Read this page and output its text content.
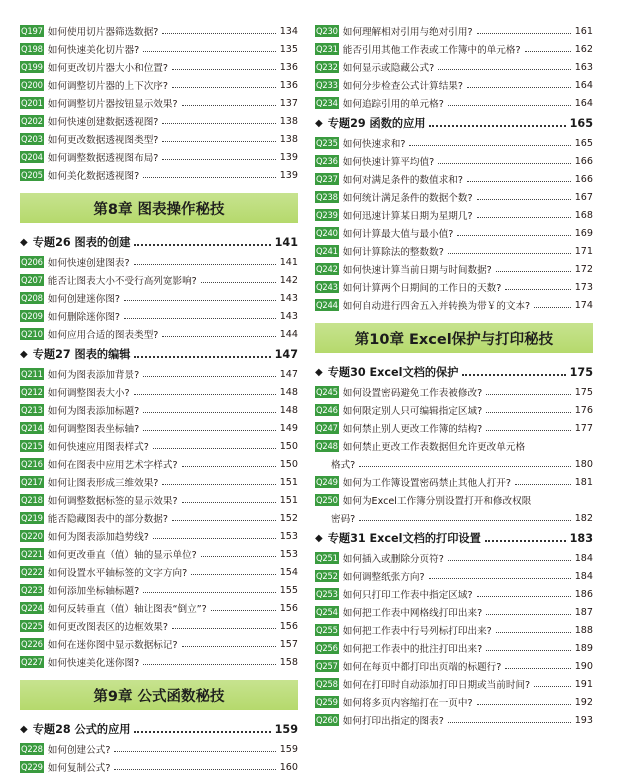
Q197 如何使用切片器筛选数据?	134
Q198 如何快速美化切片器?	135
Q199 如何更改切片器大小和位置?	136
Q200 如何调整切片器的上下次序?	136
Q201 如何调整切片器按钮显示效果?	137
Q202 如何快速创建数据透视图?	138
Q203 如何更改数据透视图类型?	138
Q204 如何调整数据透视图布局?	139
Q205 如何美化数据透视图?	139
第8章 图表操作秘技
◆ 专题26 图表的创建	141
Q206 如何快速创建图表?	141
Q207 能否让图表大小不受行高列宽影响?	142
Q208 如何创建迷你图?	143
Q209 如何删除迷你图?	143
Q210 如何应用合适的图表类型?	144
◆ 专题27 图表的编辑	147
Q211 如何为图表添加背景?	147
Q212 如何调整图表大小?	148
Q213 如何为图表添加标题?	148
Q214 如何调整图表坐标轴?	149
Q215 如何快速应用图表样式?	150
Q216 如何在图表中应用艺术字样式?	150
Q217 如何让图表形成三维效果?	151
Q218 如何调整数据标签的显示效果?	151
Q219 能否隐藏图表中的部分数据?	152
Q220 如何为图表添加趋势线?	153
Q221 如何更改垂直（值）轴的显示单位?	153
Q222 如何设置水平轴标签的文字方向?	154
Q223 如何添加坐标轴标题?	155
Q224 如何反转垂直（值）轴让图表“倒立”?	156
Q225 如何更改图表区的边框效果?	156
Q226 如何在迷你图中显示数据标记?	157
Q227 如何快速美化迷你图?	158
第9章 公式函数秘技
◆ 专题28 公式的应用	159
Q228 如何创建公式?	159
Q229 如何复制公式?	160
Q230 如何理解相对引用与绝对引用?	161
Q231 能否引用其他工作表或工作簿中的单元格?	162
Q232 如何显示或隐藏公式?	163
Q233 如何分步检查公式计算结果?	164
Q234 如何追踪引用的单元格?	164
◆ 专题29 函数的应用	165
Q235 如何快速求和?	165
Q236 如何快速计算平均值?	166
Q237 如何对满足条件的数值求和?	166
Q238 如何统计满足条件的数据个数?	167
Q239 如何迅速计算某日期为星期几?	168
Q240 如何计算最大值与最小值?	169
Q241 如何计算除法的整数数?	171
Q242 如何快速计算当前日期与时间数据?	172
Q243 如何计算两个日期间的工作日的天数?	173
Q244 如何自动进行四舍五入并转换为带￥的文本?	174
第10章 Excel保护与打印秘技
◆ 专题30 Excel文档的保护	175
Q245 如何设置密码避免工作表被修改?	175
Q246 如何限定别人只可编辑指定区域?	176
Q247 如何禁止别人更改工作簿的结构?	177
Q248 如何禁止更改工作表数据但允许更改单元格
格式?	180
Q249 如何为工作簿设置密码禁止其他人打开?	181
Q250 如何为Excel工作簿分别设置打开和修改权限
密码?	182
◆ 专题31 Excel文档的打印设置	183
Q251 如何插入或删除分页符?	184
Q252 如何调整纸张方向?	184
Q253 如何只打印工作表中指定区域?	186
Q254 如何把工作表中网格线打印出来?	187
Q255 如何把工作表中行号列标打印出来?	188
Q256 如何把工作表中的批注打印出来?	189
Q257 如何在每页中都打印出页端的标题行?	190
Q258 如何在打印时自动添加打印日期或当前时间?	191
Q259 如何将多页内容缩打在一页中?	192
Q260 如何打印出指定的图表?	193
